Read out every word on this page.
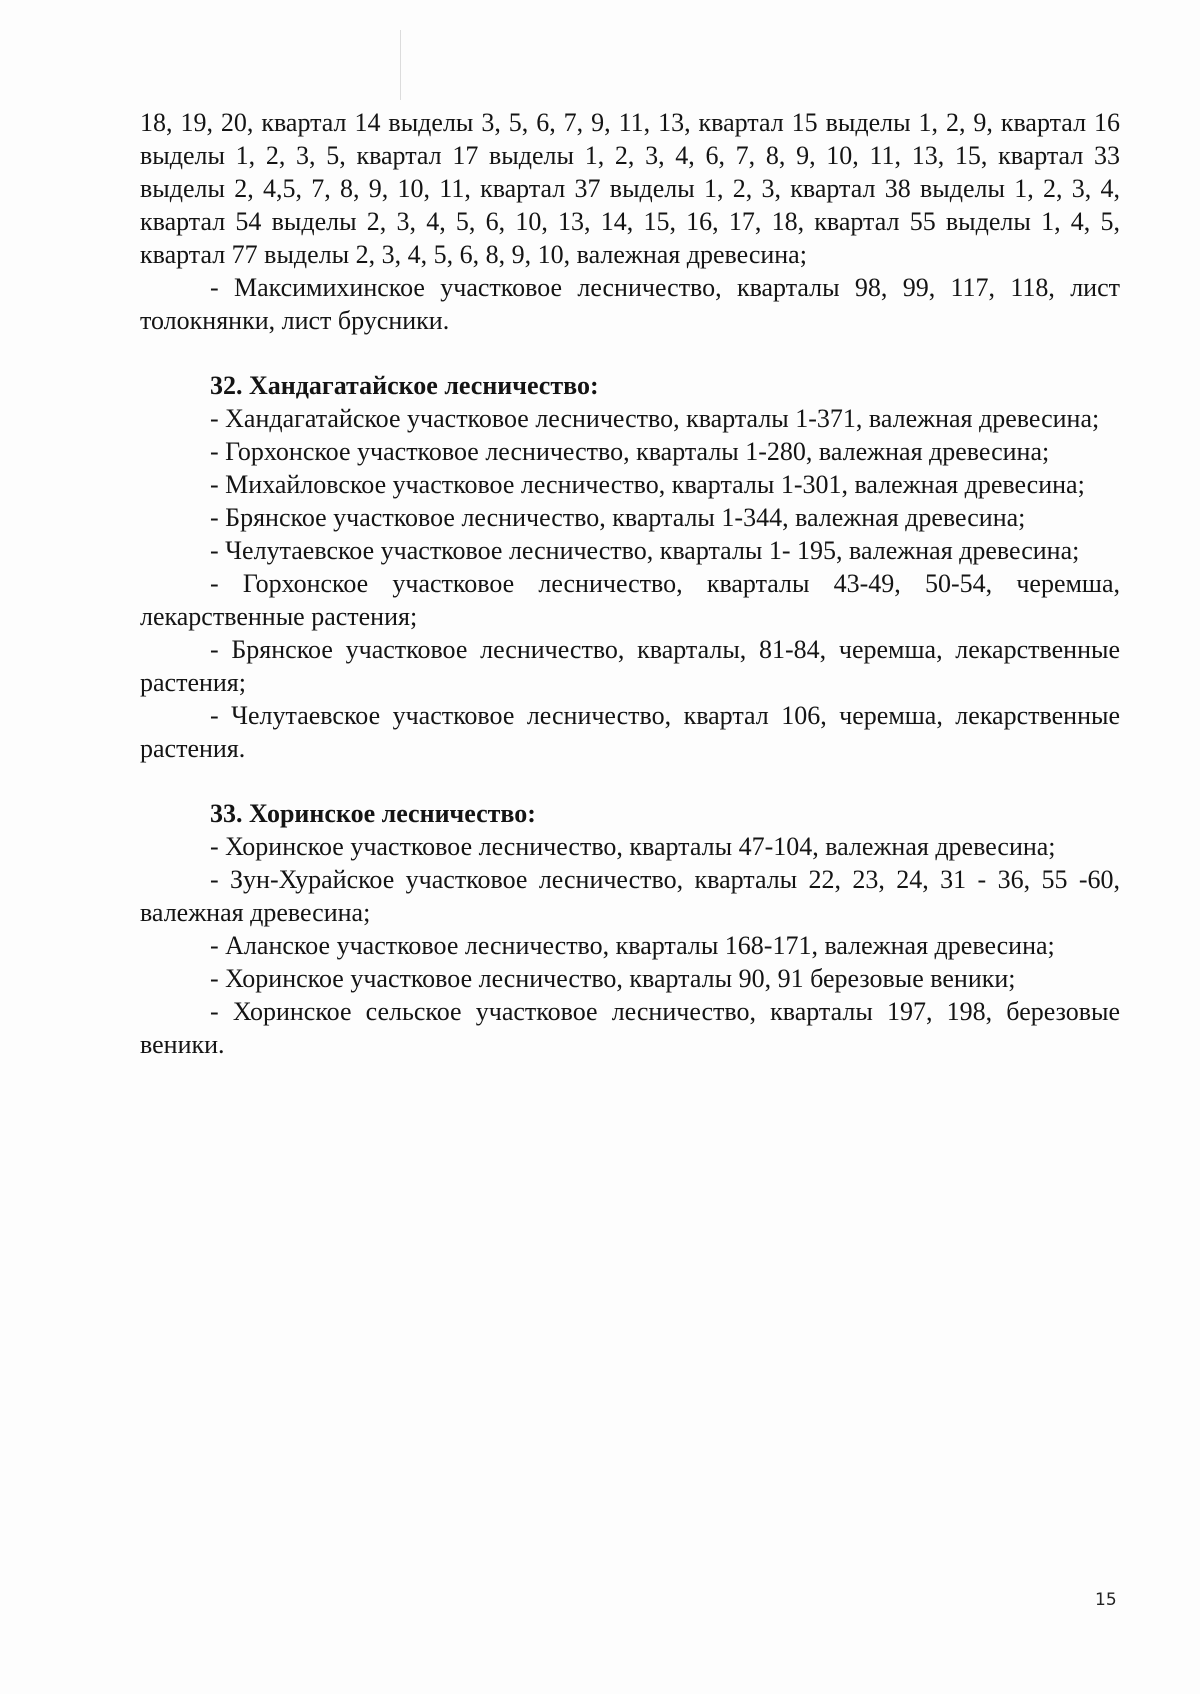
18, 19, 20, квартал 14 выделы 3, 5, 6, 7, 9, 11, 13, квартал 15 выделы 1, 2, 9, квартал 16 выделы 1, 2, 3, 5, квартал 17 выделы 1, 2, 3, 4, 6, 7, 8, 9, 10, 11, 13, 15, квартал 33 выделы 2, 4,5, 7, 8, 9, 10, 11, квартал 37 выделы 1, 2, 3, квартал 38 выделы 1, 2, 3, 4, квартал 54 выделы 2, 3, 4, 5, 6, 10, 13, 14, 15, 16, 17, 18, квартал 55 выделы 1, 4, 5, квартал 77 выделы 2, 3, 4, 5, 6, 8, 9, 10, валежная древесина;

- Максимихинское участковое лесничество, кварталы 98, 99, 117, 118, лист толокнянки, лист брусники.

32. Хандагатайское лесничество:

- Хандагатайское участковое лесничество, кварталы 1-371, валежная древесина;

- Горхонское участковое лесничество, кварталы 1-280, валежная древесина;

- Михайловское участковое лесничество, кварталы 1-301, валежная древесина;

- Брянское участковое лесничество, кварталы 1-344, валежная древесина;

- Челутаевское участковое лесничество, кварталы 1- 195, валежная древесина;

- Горхонское участковое лесничество, кварталы 43-49, 50-54, черемша, лекарственные растения;

- Брянское участковое лесничество, кварталы, 81-84, черемша, лекарственные растения;

- Челутаевское участковое лесничество, квартал 106, черемша, лекарственные растения.

33. Хоринское лесничество:

- Хоринское участковое лесничество, кварталы 47-104, валежная древесина;

- Зун-Хурайское участковое лесничество, кварталы 22, 23, 24, 31 - 36, 55 -60, валежная древесина;

- Аланское участковое лесничество, кварталы 168-171, валежная древесина;

- Хоринское участковое лесничество, кварталы 90, 91 березовые веники;

- Хоринское сельское участковое лесничество, кварталы 197, 198, березовые веники.

15
